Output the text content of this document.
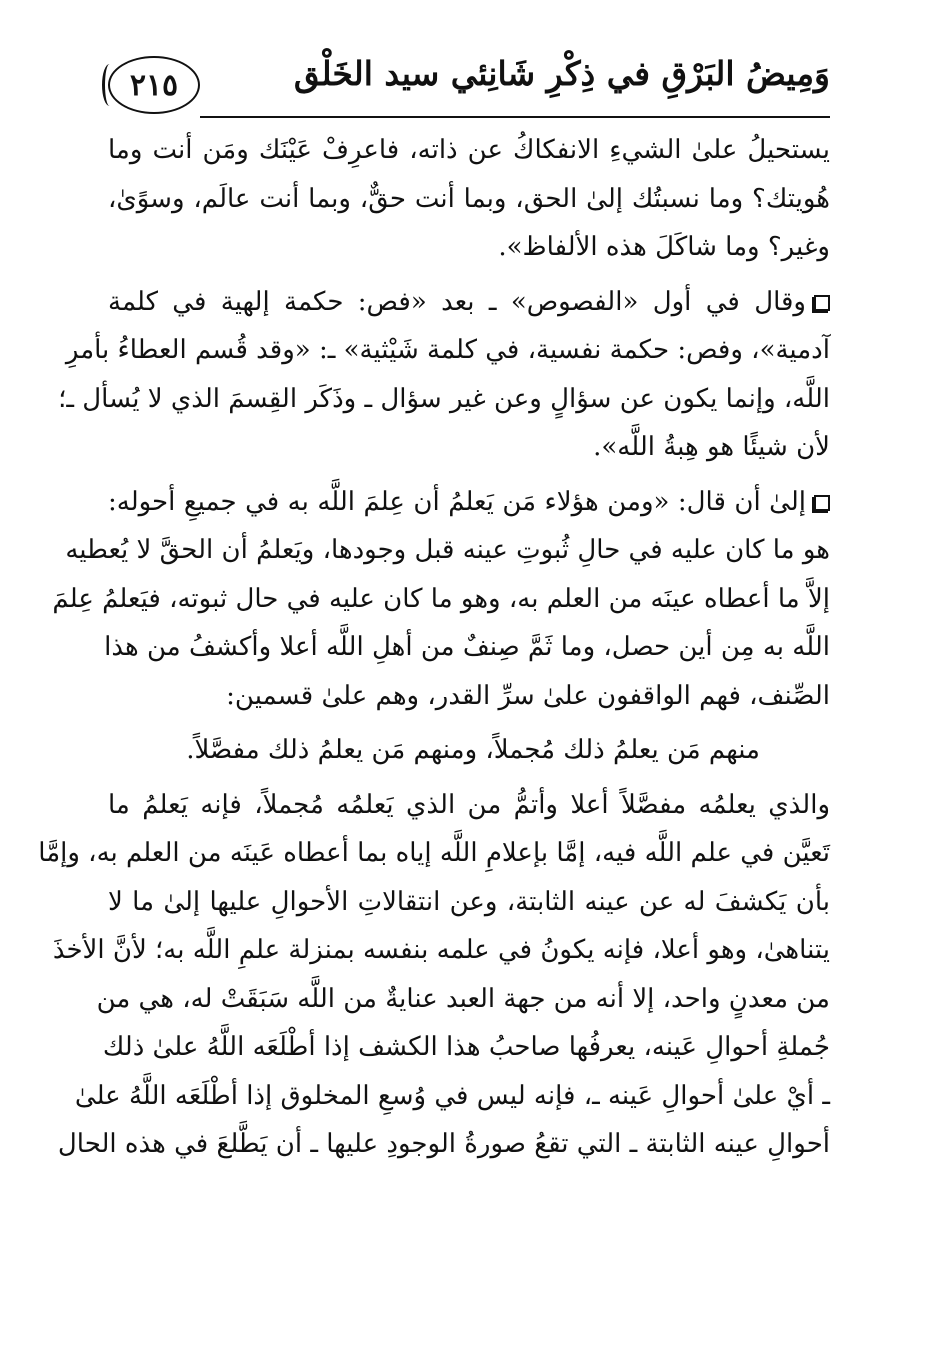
٢١٥	وَمِيضُ البَرْقِ في ذِكْرِ شَانِئي سيد الخَلْق
يستحيلُ علىٰ الشيءِ الانفكاكُ عن ذاته، فاعرِفْ عَيْنَك ومَن أنت وما
هُويتك؟ وما نسبتُك إلىٰ الحق، وبما أنت حقٌّ، وبما أنت عالَم، وسوًىٰ،
وغير؟ وما شاكَلَ هذه الألفاظ».
وقال في أول «الفصوص» ـ بعد «فص: حكمة إلهية في كلمة
آدمية»، وفص: حكمة نفسية، في كلمة شَيْثية» ـ: «وقد قُسم العطاءُ بأمرِ
اللَّه، وإنما يكون عن سؤالٍ وعن غير سؤال ـ وذَكَر القِسمَ الذي لا يُسأل ـ؛
لأن شيئًا هو هِبةُ اللَّه».
إلىٰ أن قال: «ومن هؤلاء مَن يَعلمُ أن عِلمَ اللَّه به في جميعِ أحوله:
هو ما كان عليه في حالِ ثُبوتِ عينه قبل وجودها، ويَعلمُ أن الحقَّ لا يُعطيه
إلاَّ ما أعطاه عينَه من العلم به، وهو ما كان عليه في حال ثبوته، فيَعلمُ عِلمَ
اللَّه به مِن أين حصل، وما ثَمَّ صِنفٌ من أهلِ اللَّه أعلا وأكشفُ من هذا
الصِّنف، فهم الواقفون علىٰ سرِّ القدر، وهم علىٰ قسمين:
منهم مَن يعلمُ ذلك مُجملاً، ومنهم مَن يعلمُ ذلك مفصَّلاً.
والذي يعلمُه مفصَّلاً أعلا وأتمُّ من الذي يَعلمُه مُجملاً، فإنه يَعلمُ ما
تَعيَّن في علم اللَّه فيه، إمَّا بإعلامِ اللَّه إياه بما أعطاه عَينَه من العلم به، وإمَّا
بأن يَكشفَ له عن عينه الثابتة، وعن انتقالاتِ الأحوالِ عليها إلىٰ ما لا
يتناهىٰ، وهو أعلا، فإنه يكونُ في علمه بنفسه بمنزلة علمِ اللَّه به؛ لأنَّ الأخذَ
من معدنٍ واحد، إلا أنه من جهة العبد عنايةٌ من اللَّه سَبَقَتْ له، هي من
جُملةِ أحوالِ عَينه، يعرفُها صاحبُ هذا الكشف إذا أطْلَعَه اللَّهُ علىٰ ذلك
ـ أيْ علىٰ أحوالِ عَينه ـ، فإنه ليس في وُسعِ المخلوق إذا أطْلَعَه اللَّهُ علىٰ
أحوالِ عينه الثابتة ـ التي تقعُ صورةُ الوجودِ عليها ـ أن يَطَّلعَ في هذه الحال
